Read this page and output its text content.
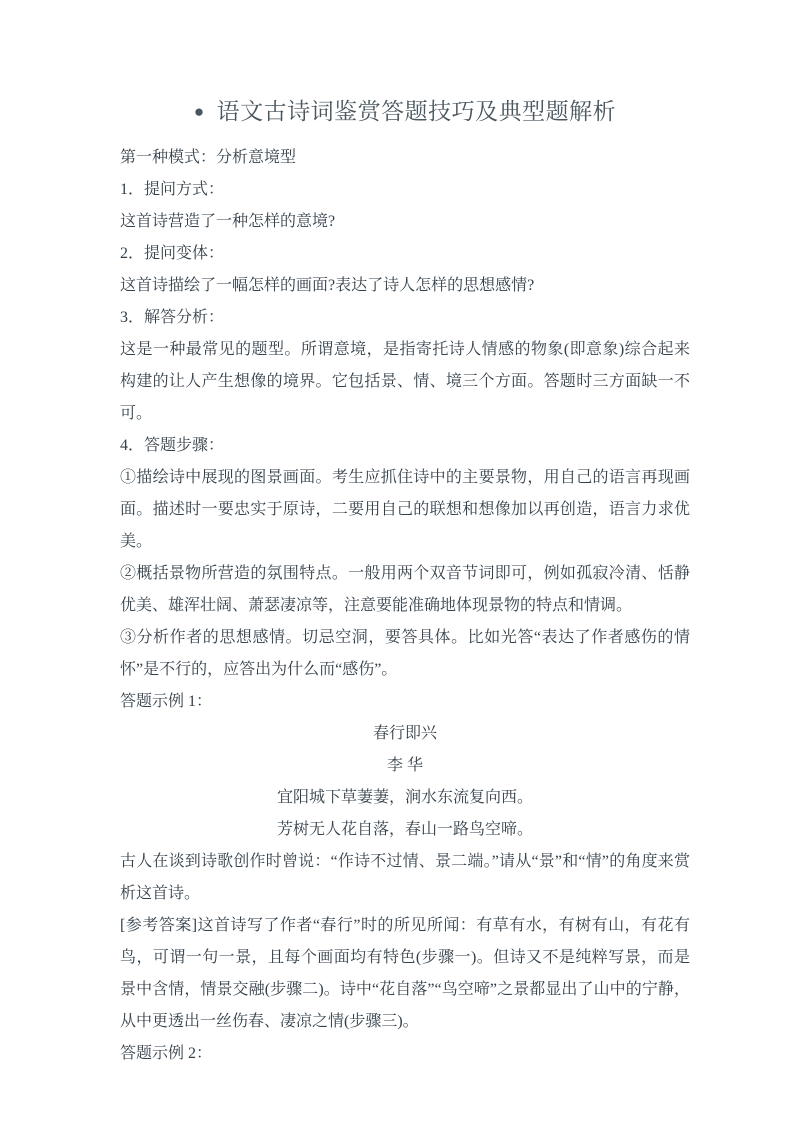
● 语文古诗词鉴赏答题技巧及典型题解析

第一种模式：分析意境型

1．提问方式：

这首诗营造了一种怎样的意境?

2．提问变体：

这首诗描绘了一幅怎样的画面?表达了诗人怎样的思想感情?

3．解答分析：

这是一种最常见的题型。所谓意境，是指寄托诗人情感的物象(即意象)综合起来构建的让人产生想像的境界。它包括景、情、境三个方面。答题时三方面缺一不可。

4．答题步骤：

①描绘诗中展现的图景画面。考生应抓住诗中的主要景物，用自己的语言再现画面。描述时一要忠实于原诗，二要用自己的联想和想像加以再创造，语言力求优美。

②概括景物所营造的氛围特点。一般用两个双音节词即可，例如孤寂冷清、恬静优美、雄浑壮阔、萧瑟凄凉等，注意要能准确地体现景物的特点和情调。

③分析作者的思想感情。切忌空洞，要答具体。比如光答“表达了作者感伤的情怀”是不行的，应答出为什么而“感伤”。

答题示例 1：

春行即兴

李 华

宜阳城下草萋萋，涧水东流复向西。

芳树无人花自落，春山一路鸟空啼。

古人在谈到诗歌创作时曾说：“作诗不过情、景二端。”请从“景”和“情”的角度来赏析这首诗。

[参考答案]这首诗写了作者“春行”时的所见所闻：有草有水，有树有山，有花有鸟，可谓一句一景，且每个画面均有特色(步骤一)。但诗又不是纯粹写景，而是景中含情，情景交融(步骤二)。诗中“花自落”“鸟空啼”之景都显出了山中的宁静，从中更透出一丝伤春、凄凉之情(步骤三)。

答题示例 2：
